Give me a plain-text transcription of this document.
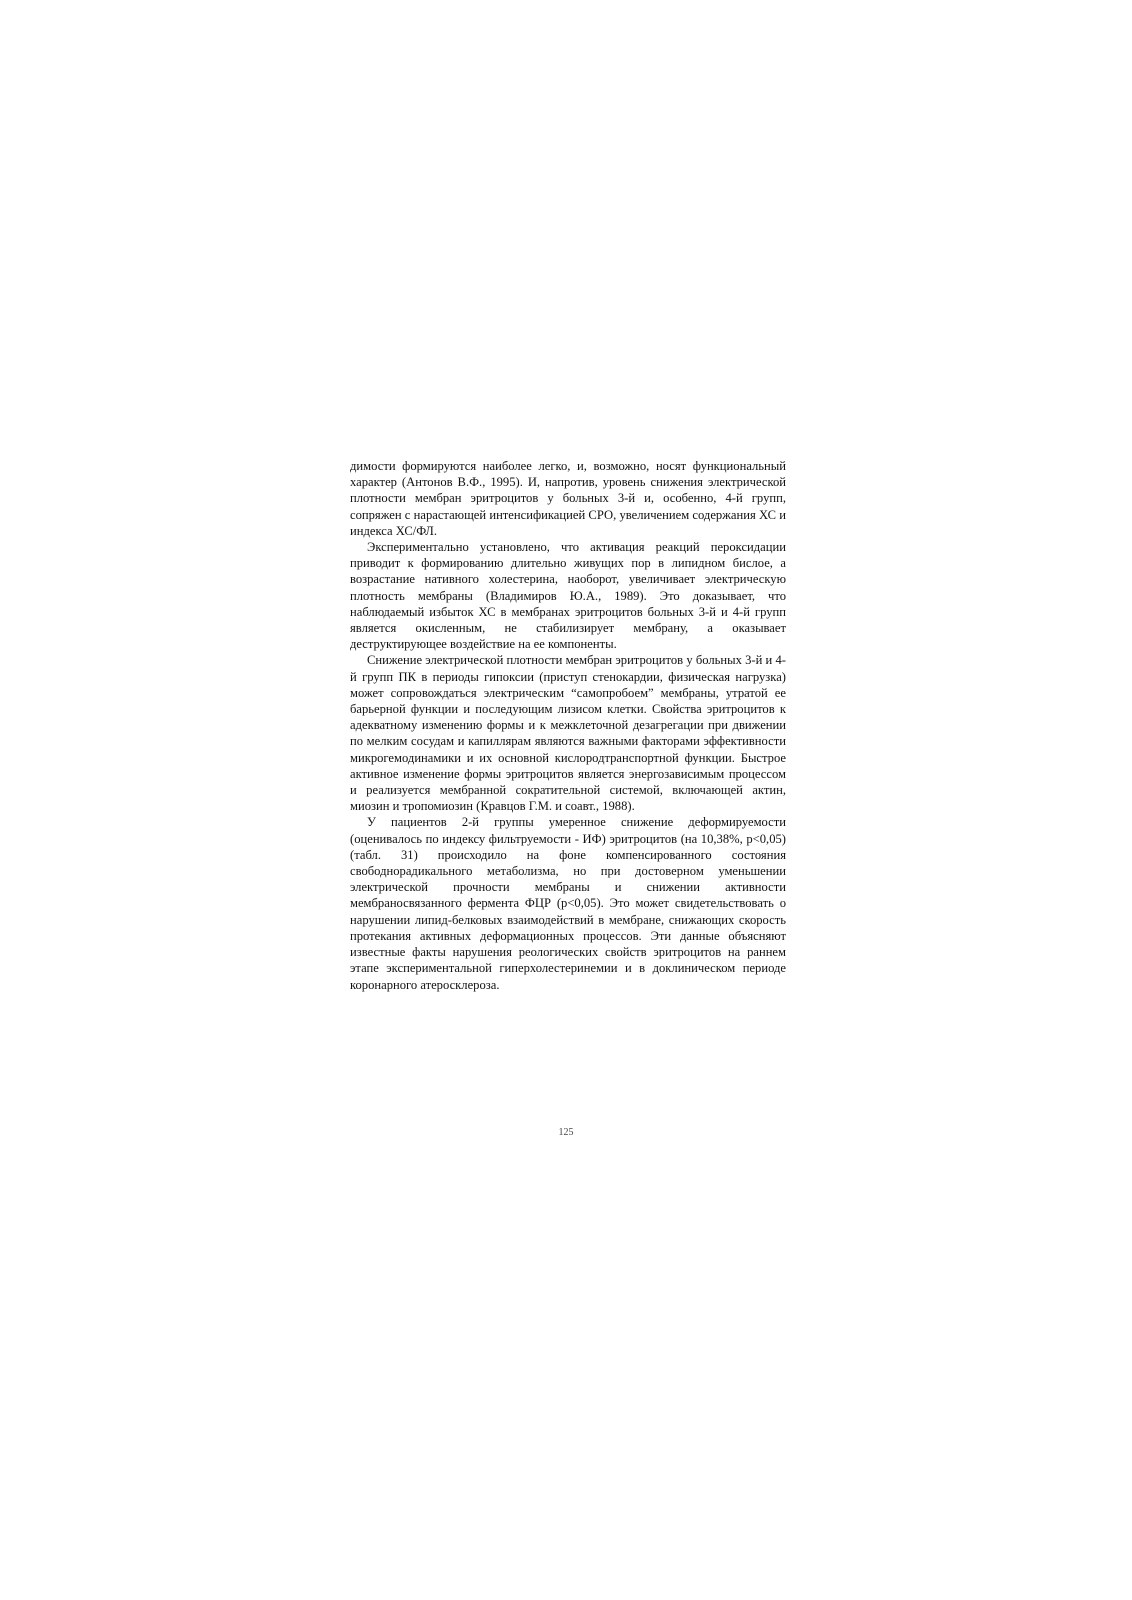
димости формируются наиболее легко, и, возможно, носят функциональный характер (Антонов В.Ф., 1995). И, напротив, уровень снижения электрической плотности мембран эритроцитов у больных 3-й и, особенно, 4-й групп, сопряжен с нарастающей интенсификацией СРО, увеличением содержания ХС и индекса ХС/ФЛ.

Экспериментально установлено, что активация реакций пероксидации приводит к формированию длительно живущих пор в липидном бислое, а возрастание нативного холестерина, наоборот, увеличивает электрическую плотность мембраны (Владимиров Ю.А., 1989). Это доказывает, что наблюдаемый избыток ХС в мембранах эритроцитов больных 3-й и 4-й групп является окисленным, не стабилизирует мембрану, а оказывает деструктирующее воздействие на ее компоненты.

Снижение электрической плотности мембран эритроцитов у больных 3-й и 4-й групп ПК в периоды гипоксии (приступ стенокардии, физическая нагрузка) может сопровождаться электрическим “самопробоем” мембраны, утратой ее барьерной функции и последующим лизисом клетки. Свойства эритроцитов к адекватному изменению формы и к межклеточной дезагрегации при движении по мелким сосудам и капиллярам являются важными факторами эффективности микрогемодинамики и их основной кислородтранспортной функции. Быстрое активное изменение формы эритроцитов является энергозависимым процессом и реализуется мембранной сократительной системой, включающей актин, миозин и тропомиозин (Кравцов Г.М. и соавт., 1988).

У пациентов 2-й группы умеренное снижение деформируемости (оценивалось по индексу фильтруемости - ИФ) эритроцитов (на 10,38%, p<0,05) (табл. 31) происходило на фоне компенсированного состояния свободнорадикального метаболизма, но при достоверном уменьшении электрической прочности мембраны и снижении активности мембраносвязанного фермента ФЦР (p<0,05). Это может свидетельствовать о нарушении липид-белковых взаимодействий в мембране, снижающих скорость протекания активных деформационных процессов. Эти данные объясняют известные факты нарушения реологических свойств эритроцитов на раннем этапе экспериментальной гиперхолестеринемии и в доклиническом периоде коронарного атеросклероза.

125
